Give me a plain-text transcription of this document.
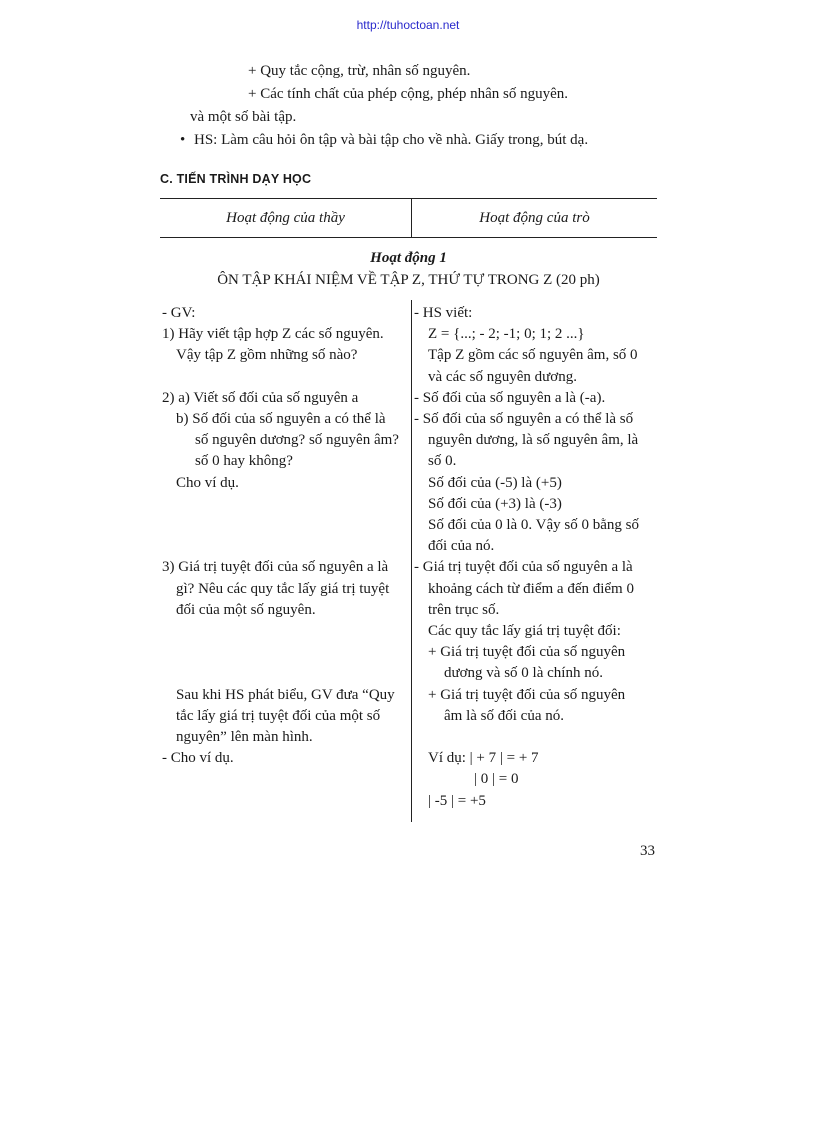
http://tuhoctoan.net
+ Quy tắc cộng, trừ, nhân số nguyên.
+ Các tính chất của phép cộng, phép nhân số nguyên.
và một số bài tập.
• HS: Làm câu hỏi ôn tập và bài tập cho về nhà. Giấy trong, bút dạ.
C. TIẾN TRÌNH DẠY HỌC
Hoạt động của thầy	Hoạt động của trò
Hoạt động 1
ÔN TẬP KHÁI NIỆM VỀ TẬP Z, THỨ TỰ TRONG Z (20 ph)
- GV:
1) Hãy viết tập hợp Z các số nguyên.
Vậy tập Z gồm những số nào?

2) a) Viết số đối của số nguyên a
b) Số đối của số nguyên a có thể là
số nguyên dương? số nguyên âm?
số 0 hay không?
Cho ví dụ.

3) Giá trị tuyệt đối của số nguyên a là
gì? Nêu các quy tắc lấy giá trị tuyệt
đối của một số nguyên.

Sau khi HS phát biểu, GV đưa “Quy
tắc lấy giá trị tuyệt đối của một số
nguyên” lên màn hình.
- Cho ví dụ.
- HS viết:
Z = {...; - 2; -1; 0; 1; 2 ...}
Tập Z gồm các số nguyên âm, số 0
và các số nguyên dương.
- Số đối của số nguyên a là (-a).
- Số đối của số nguyên a có thể là số
nguyên dương, là số nguyên âm, là
số 0.
Số đối của (-5) là (+5)
Số đối của (+3) là (-3)
Số đối của 0 là 0. Vậy số 0 bằng số
đối của nó.
- Giá trị tuyệt đối của số nguyên a là
khoảng cách từ điểm a đến điểm 0
trên trục số.
Các quy tắc lấy giá trị tuyệt đối:
+ Giá trị tuyệt đối của số nguyên
dương và số 0 là chính nó.
+ Giá trị tuyệt đối của số nguyên
âm là số đối của nó.

Ví dụ: | + 7 | = + 7
| 0 | = 0
| -5 | = +5
33
